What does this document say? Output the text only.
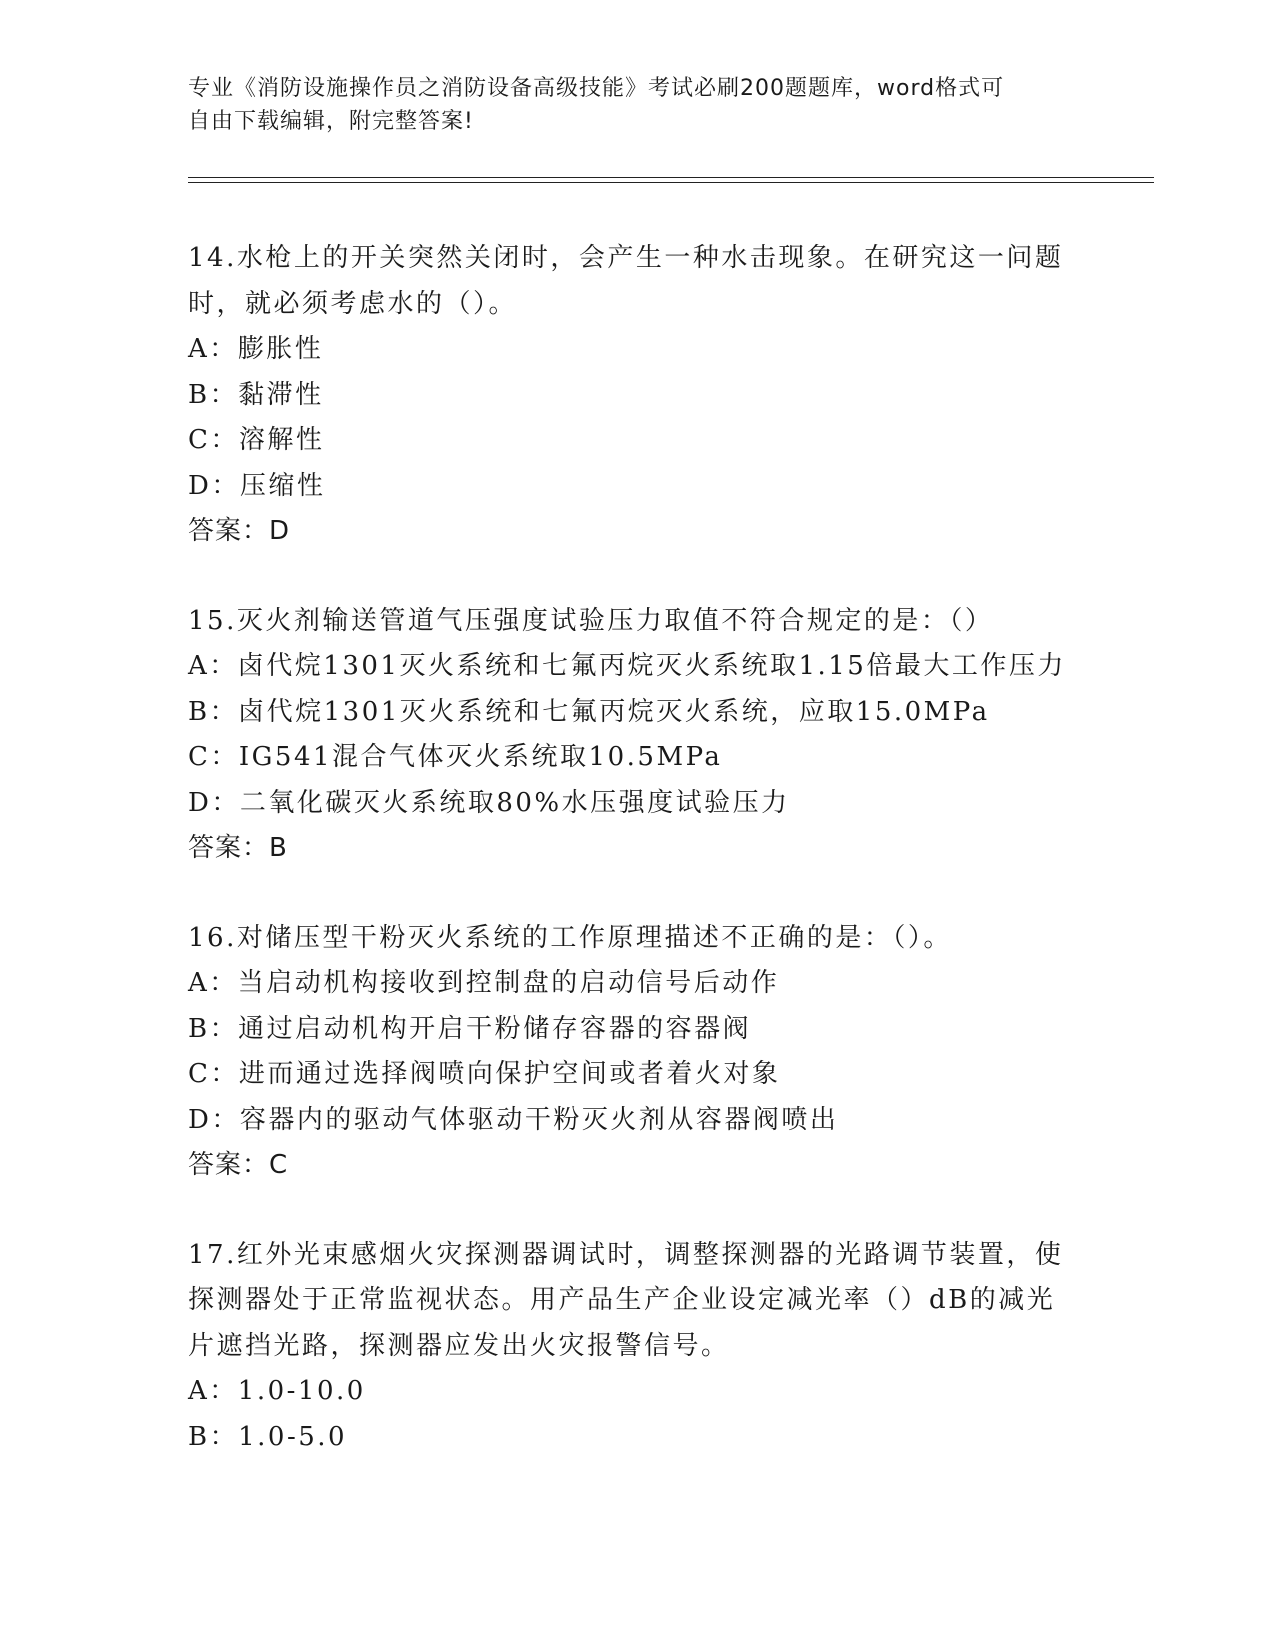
专业《消防设施操作员之消防设备高级技能》考试必刷200题题库，word格式可
自由下载编辑，附完整答案!
14.水枪上的开关突然关闭时，会产生一种水击现象。在研究这一问题
时，就必须考虑水的（）。
A：膨胀性
B：黏滞性
C：溶解性
D：压缩性
答案：D
15.灭火剂输送管道气压强度试验压力取值不符合规定的是：（）
A：卤代烷1301灭火系统和七氟丙烷灭火系统取1.15倍最大工作压力
B：卤代烷1301灭火系统和七氟丙烷灭火系统，应取15.0MPa
C：IG541混合气体灭火系统取10.5MPa
D：二氧化碳灭火系统取80%水压强度试验压力
答案：B
16.对储压型干粉灭火系统的工作原理描述不正确的是：（）。
A：当启动机构接收到控制盘的启动信号后动作
B：通过启动机构开启干粉储存容器的容器阀
C：进而通过选择阀喷向保护空间或者着火对象
D：容器内的驱动气体驱动干粉灭火剂从容器阀喷出
答案：C
17.红外光束感烟火灾探测器调试时，调整探测器的光路调节装置，使
探测器处于正常监视状态。用产品生产企业设定减光率（）dB的减光
片遮挡光路，探测器应发出火灾报警信号。
A：1.0-10.0
B：1.0-5.0
